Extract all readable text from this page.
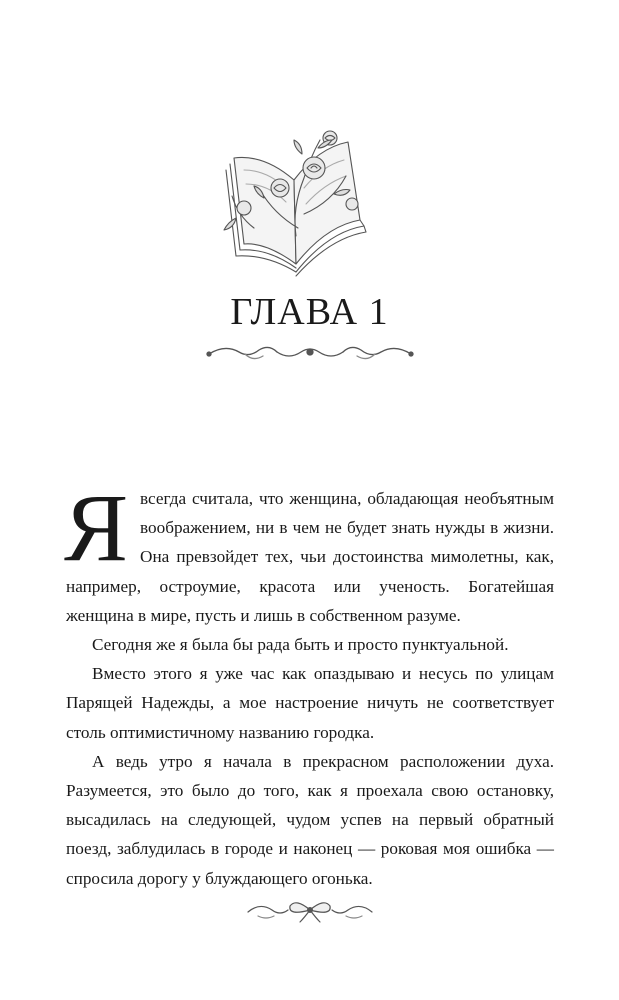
ГЛАВА 1

Я всегда считала, что женщина, обладающая необъятным воображением, ни в чем не будет знать нужды в жизни. Она превзойдет тех, чьи достоинства мимолетны, как, например, остроумие, красота или ученость. Богатейшая женщина в мире, пусть и лишь в собственном разуме.

Сегодня же я была бы рада быть и просто пунктуальной.

Вместо этого я уже час как опаздываю и несусь по улицам Парящей Надежды, а мое настроение ничуть не соответствует столь оптимистичному названию городка.

А ведь утро я начала в прекрасном расположении духа. Разумеется, это было до того, как я проехала свою остановку, высадилась на следующей, чудом успев на первый обратный поезд, заблудилась в городе и наконец — роковая моя ошибка — спросила дорогу у блуждающего огонька.
